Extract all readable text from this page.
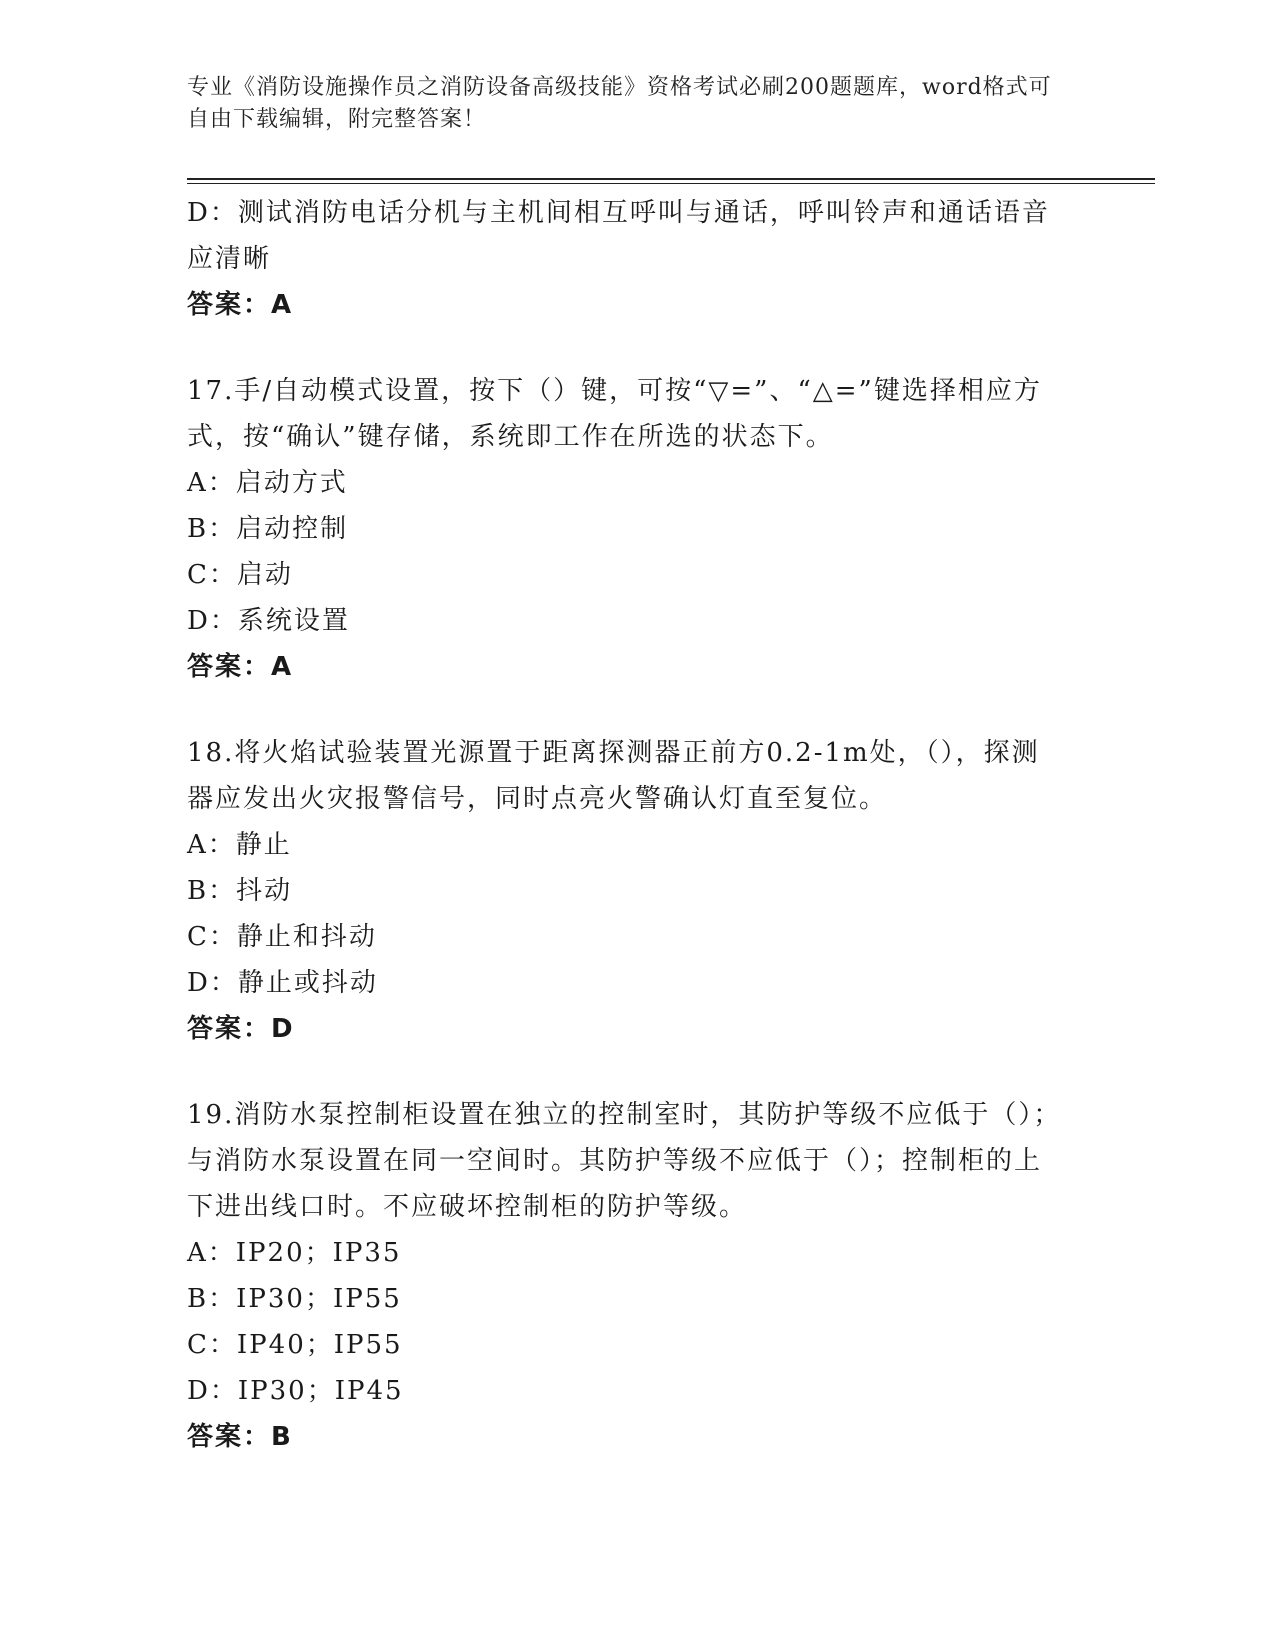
专业《消防设施操作员之消防设备高级技能》资格考试必刷200题题库，word格式可自由下载编辑，附完整答案！
D：测试消防电话分机与主机间相互呼叫与通话，呼叫铃声和通话语音应清晰
答案：A
17.手/自动模式设置，按下（）键，可按“▽=”、“△=”键选择相应方式，按“确认”键存储，系统即工作在所选的状态下。
A：启动方式
B：启动控制
C：启动
D：系统设置
答案：A
18.将火焰试验装置光源置于距离探测器正前方0.2-1m处，（），探测器应发出火灾报警信号，同时点亮火警确认灯直至复位。
A：静止
B：抖动
C：静止和抖动
D：静止或抖动
答案：D
19.消防水泵控制柜设置在独立的控制室时，其防护等级不应低于（）；与消防水泵设置在同一空间时。其防护等级不应低于（）；控制柜的上下进出线口时。不应破坏控制柜的防护等级。
A：IP20；IP35
B：IP30；IP55
C：IP40；IP55
D：IP30；IP45
答案：B
